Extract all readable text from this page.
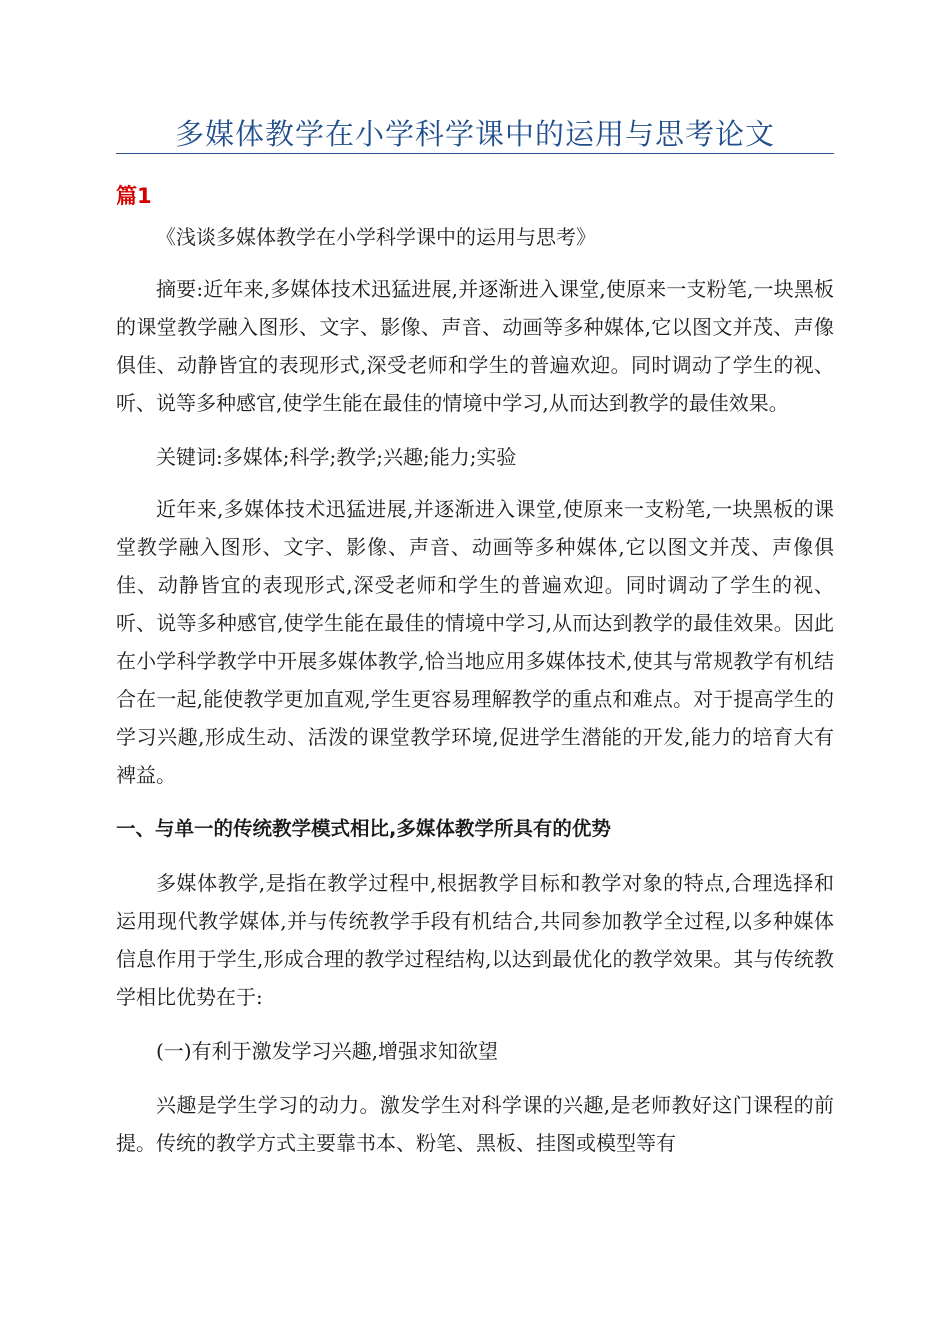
多媒体教学在小学科学课中的运用与思考论文
篇1

《浅谈多媒体教学在小学科学课中的运用与思考》

摘要:近年来,多媒体技术迅猛进展,并逐渐进入课堂,使原来一支粉笔,一块黑板的课堂教学融入图形、文字、影像、声音、动画等多种媒体,它以图文并茂、声像俱佳、动静皆宜的表现形式,深受老师和学生的普遍欢迎。同时调动了学生的视、听、说等多种感官,使学生能在最佳的情境中学习,从而达到教学的最佳效果。

关键词:多媒体;科学;教学;兴趣;能力;实验

近年来,多媒体技术迅猛进展,并逐渐进入课堂,使原来一支粉笔,一块黑板的课堂教学融入图形、文字、影像、声音、动画等多种媒体,它以图文并茂、声像俱佳、动静皆宜的表现形式,深受老师和学生的普遍欢迎。同时调动了学生的视、听、说等多种感官,使学生能在最佳的情境中学习,从而达到教学的最佳效果。因此在小学科学教学中开展多媒体教学,恰当地应用多媒体技术,使其与常规教学有机结合在一起,能使教学更加直观,学生更容易理解教学的重点和难点。对于提高学生的学习兴趣,形成生动、活泼的课堂教学环境,促进学生潜能的开发,能力的培育大有裨益。

一、与单一的传统教学模式相比,多媒体教学所具有的优势

多媒体教学,是指在教学过程中,根据教学目标和教学对象的特点,合理选择和运用现代教学媒体,并与传统教学手段有机结合,共同参加教学全过程,以多种媒体信息作用于学生,形成合理的教学过程结构,以达到最优化的教学效果。其与传统教学相比优势在于:

(一)有利于激发学习兴趣,增强求知欲望

兴趣是学生学习的动力。激发学生对科学课的兴趣,是老师教好这门课程的前提。传统的教学方式主要靠书本、粉笔、黑板、挂图或模型等有
